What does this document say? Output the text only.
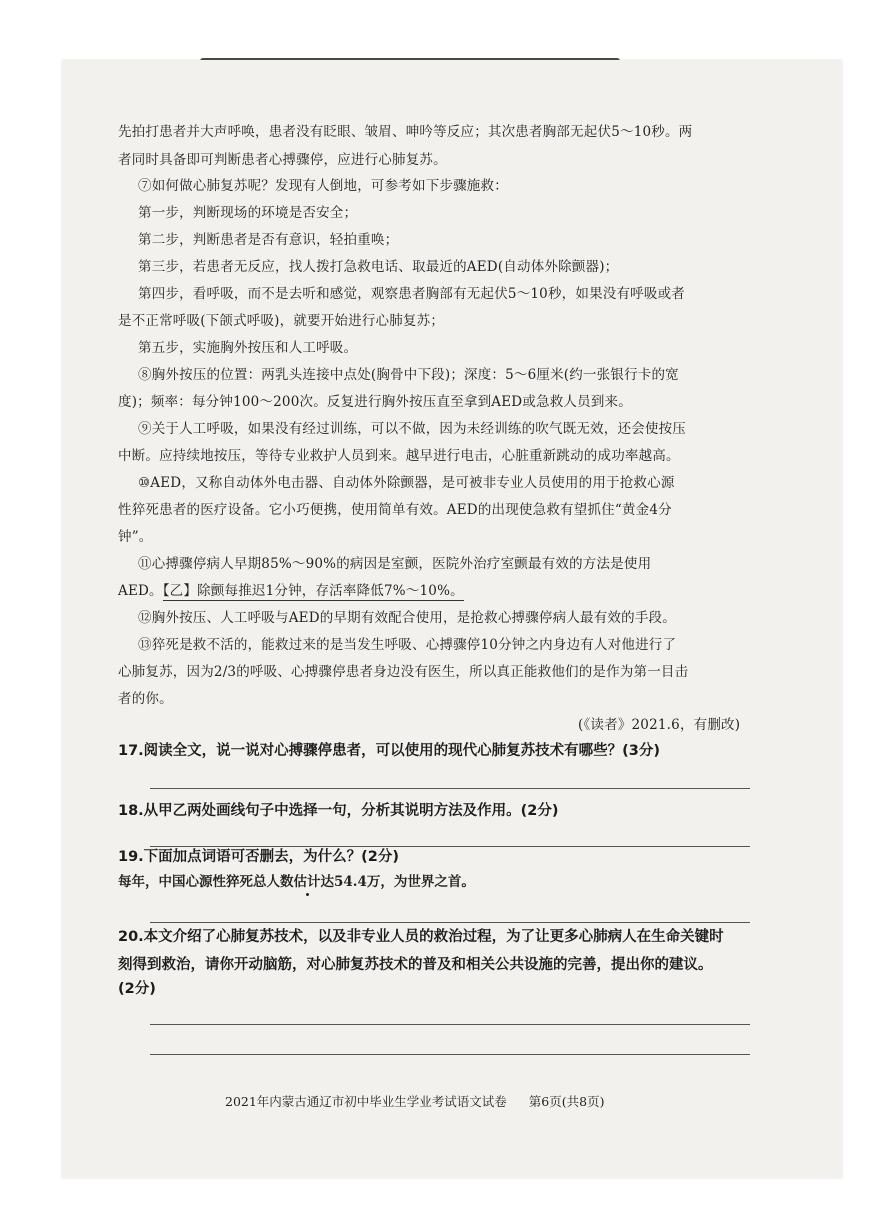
先拍打患者并大声呼唤，患者没有眨眼、皱眉、呻吟等反应；其次患者胸部无起伏5～10秒。两
者同时具备即可判断患者心搏骤停，应进行心肺复苏。
⑦如何做心肺复苏呢？发现有人倒地，可参考如下步骤施救：
第一步，判断现场的环境是否安全；
第二步，判断患者是否有意识，轻拍重唤；
第三步，若患者无反应，找人拨打急救电话、取最近的AED(自动体外除颤器)；
第四步，看呼吸，而不是去听和感觉，观察患者胸部有无起伏5～10秒，如果没有呼吸或者
是不正常呼吸(下颌式呼吸)，就要开始进行心肺复苏；
第五步，实施胸外按压和人工呼吸。
⑧胸外按压的位置：两乳头连接中点处(胸骨中下段)；深度：5～6厘米(约一张银行卡的宽
度)；频率：每分钟100～200次。反复进行胸外按压直至拿到AED或急救人员到来。
⑨关于人工呼吸，如果没有经过训练，可以不做，因为未经训练的吹气既无效，还会使按压
中断。应持续地按压，等待专业救护人员到来。越早进行电击，心脏重新跳动的成功率越高。
⑩AED，又称自动体外电击器、自动体外除颤器，是可被非专业人员使用的用于抢救心源
性猝死患者的医疗设备。它小巧便携，使用简单有效。AED的出现使急救有望抓住“黄金4分
钟”。
⑪心搏骤停病人早期85%～90%的病因是室颤，医院外治疗室颤最有效的方法是使用
AED。【乙】除颤每推迟1分钟，存活率降低7%～10%。
⑫胸外按压、人工呼吸与AED的早期有效配合使用，是抢救心搏骤停病人最有效的手段。
⑬猝死是救不活的，能救过来的是当发生呼吸、心搏骤停10分钟之内身边有人对他进行了
心肺复苏，因为2/3的呼吸、心搏骤停患者身边没有医生，所以真正能救他们的是作为第一目击
者的你。
(《读者》2021.6，有删改)
17.阅读全文，说一说对心搏骤停患者，可以使用的现代心肺复苏技术有哪些？(3分)
18.从甲乙两处画线句子中选择一句，分析其说明方法及作用。(2分)
19.下面加点词语可否删去，为什么？(2分)
每年，中国心源性猝死总人数估计达54.4万，为世界之首。
20.本文介绍了心肺复苏技术，以及非专业人员的救治过程，为了让更多心肺病人在生命关键时
刻得到救治，请你开动脑筋，对心肺复苏技术的普及和相关公共设施的完善，提出你的建议。
(2分)
2021年内蒙古通辽市初中毕业生学业考试语文试卷 第6页(共8页)
